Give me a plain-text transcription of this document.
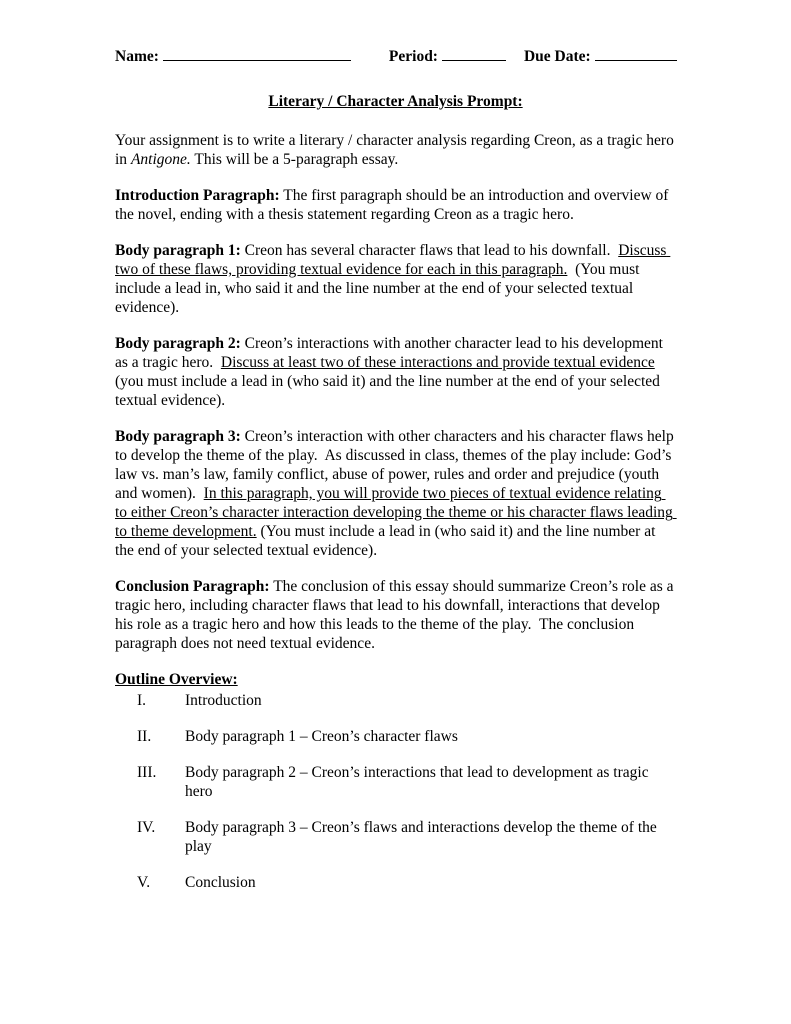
Name:	Period:	Due Date:
Literary / Character Analysis Prompt:

Your assignment is to write a literary / character analysis regarding Creon, as a tragic hero in Antigone. This will be a 5-paragraph essay.

Introduction Paragraph: The first paragraph should be an introduction and overview of the novel, ending with a thesis statement regarding Creon as a tragic hero.

Body paragraph 1: Creon has several character flaws that lead to his downfall.  Discuss two of these flaws, providing textual evidence for each in this paragraph.  (You must include a lead in, who said it and the line number at the end of your selected textual evidence).

Body paragraph 2: Creon’s interactions with another character lead to his development as a tragic hero.  Discuss at least two of these interactions and provide textual evidence (you must include a lead in (who said it) and the line number at the end of your selected textual evidence).

Body paragraph 3: Creon’s interaction with other characters and his character flaws help to develop the theme of the play.  As discussed in class, themes of the play include: God’s law vs. man’s law, family conflict, abuse of power, rules and order and prejudice (youth and women).  In this paragraph, you will provide two pieces of textual evidence relating to either Creon’s character interaction developing the theme or his character flaws leading to theme development. (You must include a lead in (who said it) and the line number at the end of your selected textual evidence).

Conclusion Paragraph: The conclusion of this essay should summarize Creon’s role as a tragic hero, including character flaws that lead to his downfall, interactions that develop his role as a tragic hero and how this leads to the theme of the play.  The conclusion paragraph does not need textual evidence.

Outline Overview:
I.	Introduction
II.	Body paragraph 1 – Creon’s character flaws
III.	Body paragraph 2 – Creon’s interactions that lead to development as tragic hero
IV.	Body paragraph 3 – Creon’s flaws and interactions develop the theme of the play
V.	Conclusion
